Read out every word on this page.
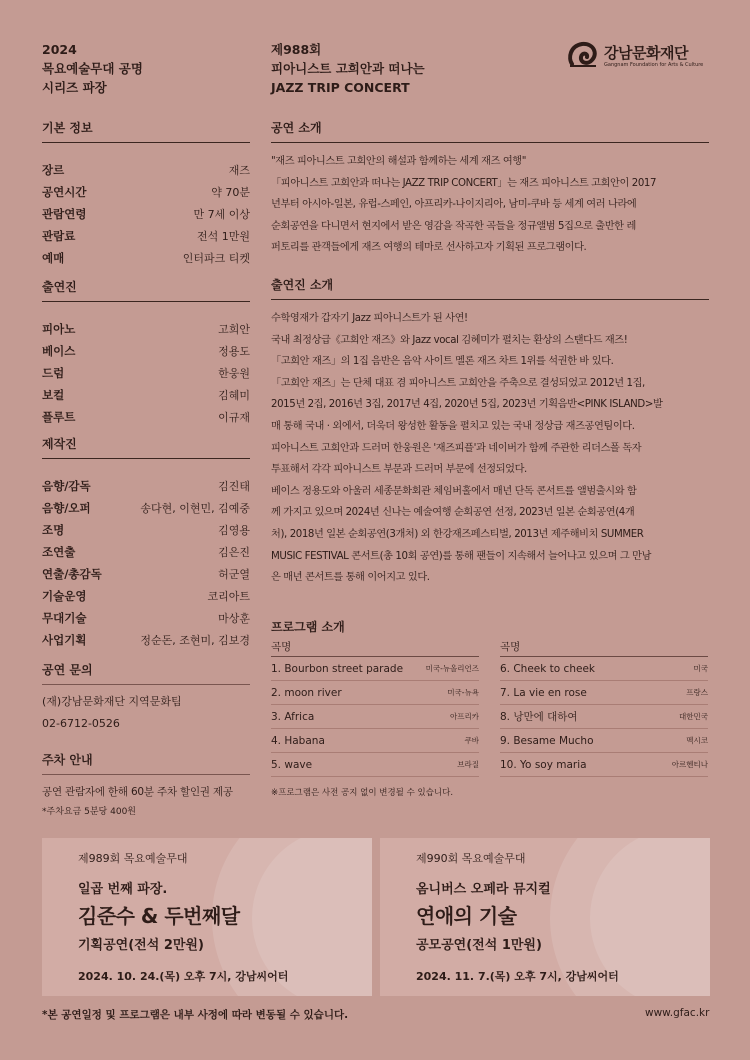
2024
목요예술무대 공명
시리즈 파장
제988회
피아니스트 고희안과 떠나는
JAZZ TRIP CONCERT
강남문화재단
Gangnam Foundation for Arts & Culture
기본 정보
장르	재즈
공연시간	약 70분
관람연령	만 7세 이상
관람료	전석 1만원
예매	인터파크 티켓
출연진
피아노	고희안
베이스	정용도
드럼	한웅원
보컬	김혜미
플루트	이규재
제작진
음향/감독	김진태
음향/오퍼	송다현, 이현민, 김예중
조명	김영용
조연출	김은진
연출/총감독	허군열
기술운영	코리아트
무대기술	마상훈
사업기획	정순돈, 조현미, 김보경
공연 문의
(재)강남문화재단 지역문화팀
02-6712-0526
주차 안내
공연 관람자에 한해 60분 주차 할인권 제공
*주차요금 5분당 400원
공연 소개
"재즈 피아니스트 고희안의 해설과 함께하는 세계 재즈 여행"
「피아니스트 고희안과 떠나는 JAZZ TRIP CONCERT」는 재즈 피아니스트 고희안이 2017
년부터 아시아-일본, 유럽-스페인, 아프리카-나이지리아, 남미-쿠바 등 세계 여러 나라에
순회공연을 다니면서 현지에서 받은 영감을 작곡한 곡들을 정규앨범 5집으로 출반한 레
퍼토리를 관객들에게 재즈 여행의 테마로 선사하고자 기획된 프로그램이다.
출연진 소개
수학영재가 갑자기 Jazz 피아니스트가 된 사연!
국내 최정상급《고희안 재즈》와 Jazz vocal 김혜미가 펼치는 환상의 스탠다드 재즈!
「고희안 재즈」의 1집 음반은 음악 사이트 멜론 재즈 차트 1위를 석권한 바 있다.
「고희안 재즈」는 단체 대표 겸 피아니스트 고희안을 주축으로 결성되었고 2012년 1집,
2015년 2집, 2016년 3집, 2017년 4집, 2020년 5집, 2023년 기획음반<PINK ISLAND>발
매 통해 국내 · 외에서, 더욱더 왕성한 활동을 펼치고 있는 국내 정상급 재즈공연팀이다.
피아니스트 고희안과 드러머 한웅원은 '재즈피플'과 네이버가 함께 주관한 리더스폴 독자
투표해서 각각 피아니스트 부문과 드러머 부문에 선정되었다.
베이스 정용도와 아울러 세종문화회관 체임버홀에서 매년 단독 콘서트를 앨범출시와 함
께 가지고 있으며 2024년 신나는 예술여행 순회공연 선정, 2023년 일본 순회공연(4개
처), 2018년 일본 순회공연(3개처) 외 한강재즈페스티벌, 2013년 제주해비치 SUMMER
MUSIC FESTIVAL 콘서트(총 10회 공연)를 통해 팬들이 지속해서 늘어나고 있으며 그 만남
은 매년 콘서트를 통해 이어지고 있다.
프로그램 소개
곡명
1. Bourbon street parade	미국-뉴올리언즈
2. moon river	미국-뉴욕
3. Africa	아프리카
4. Habana	쿠바
5. wave	브라질
곡명
6. Cheek to cheek	미국
7. La vie en rose	프랑스
8. 낭만에 대하여	대한민국
9. Besame Mucho	멕시코
10. Yo soy maria	아르헨티나
※프로그램은 사전 공지 없이 변경될 수 있습니다.
제989회 목요예술무대
일곱 번째 파장.
김준수 & 두번째달
기획공연(전석 2만원)
2024. 10. 24.(목) 오후 7시, 강남씨어터
제990회 목요예술무대
옴니버스 오페라 뮤지컬
연애의 기술
공모공연(전석 1만원)
2024. 11. 7.(목) 오후 7시, 강남씨어터
*본 공연일정 및 프로그램은 내부 사정에 따라 변동될 수 있습니다.	www.gfac.kr
